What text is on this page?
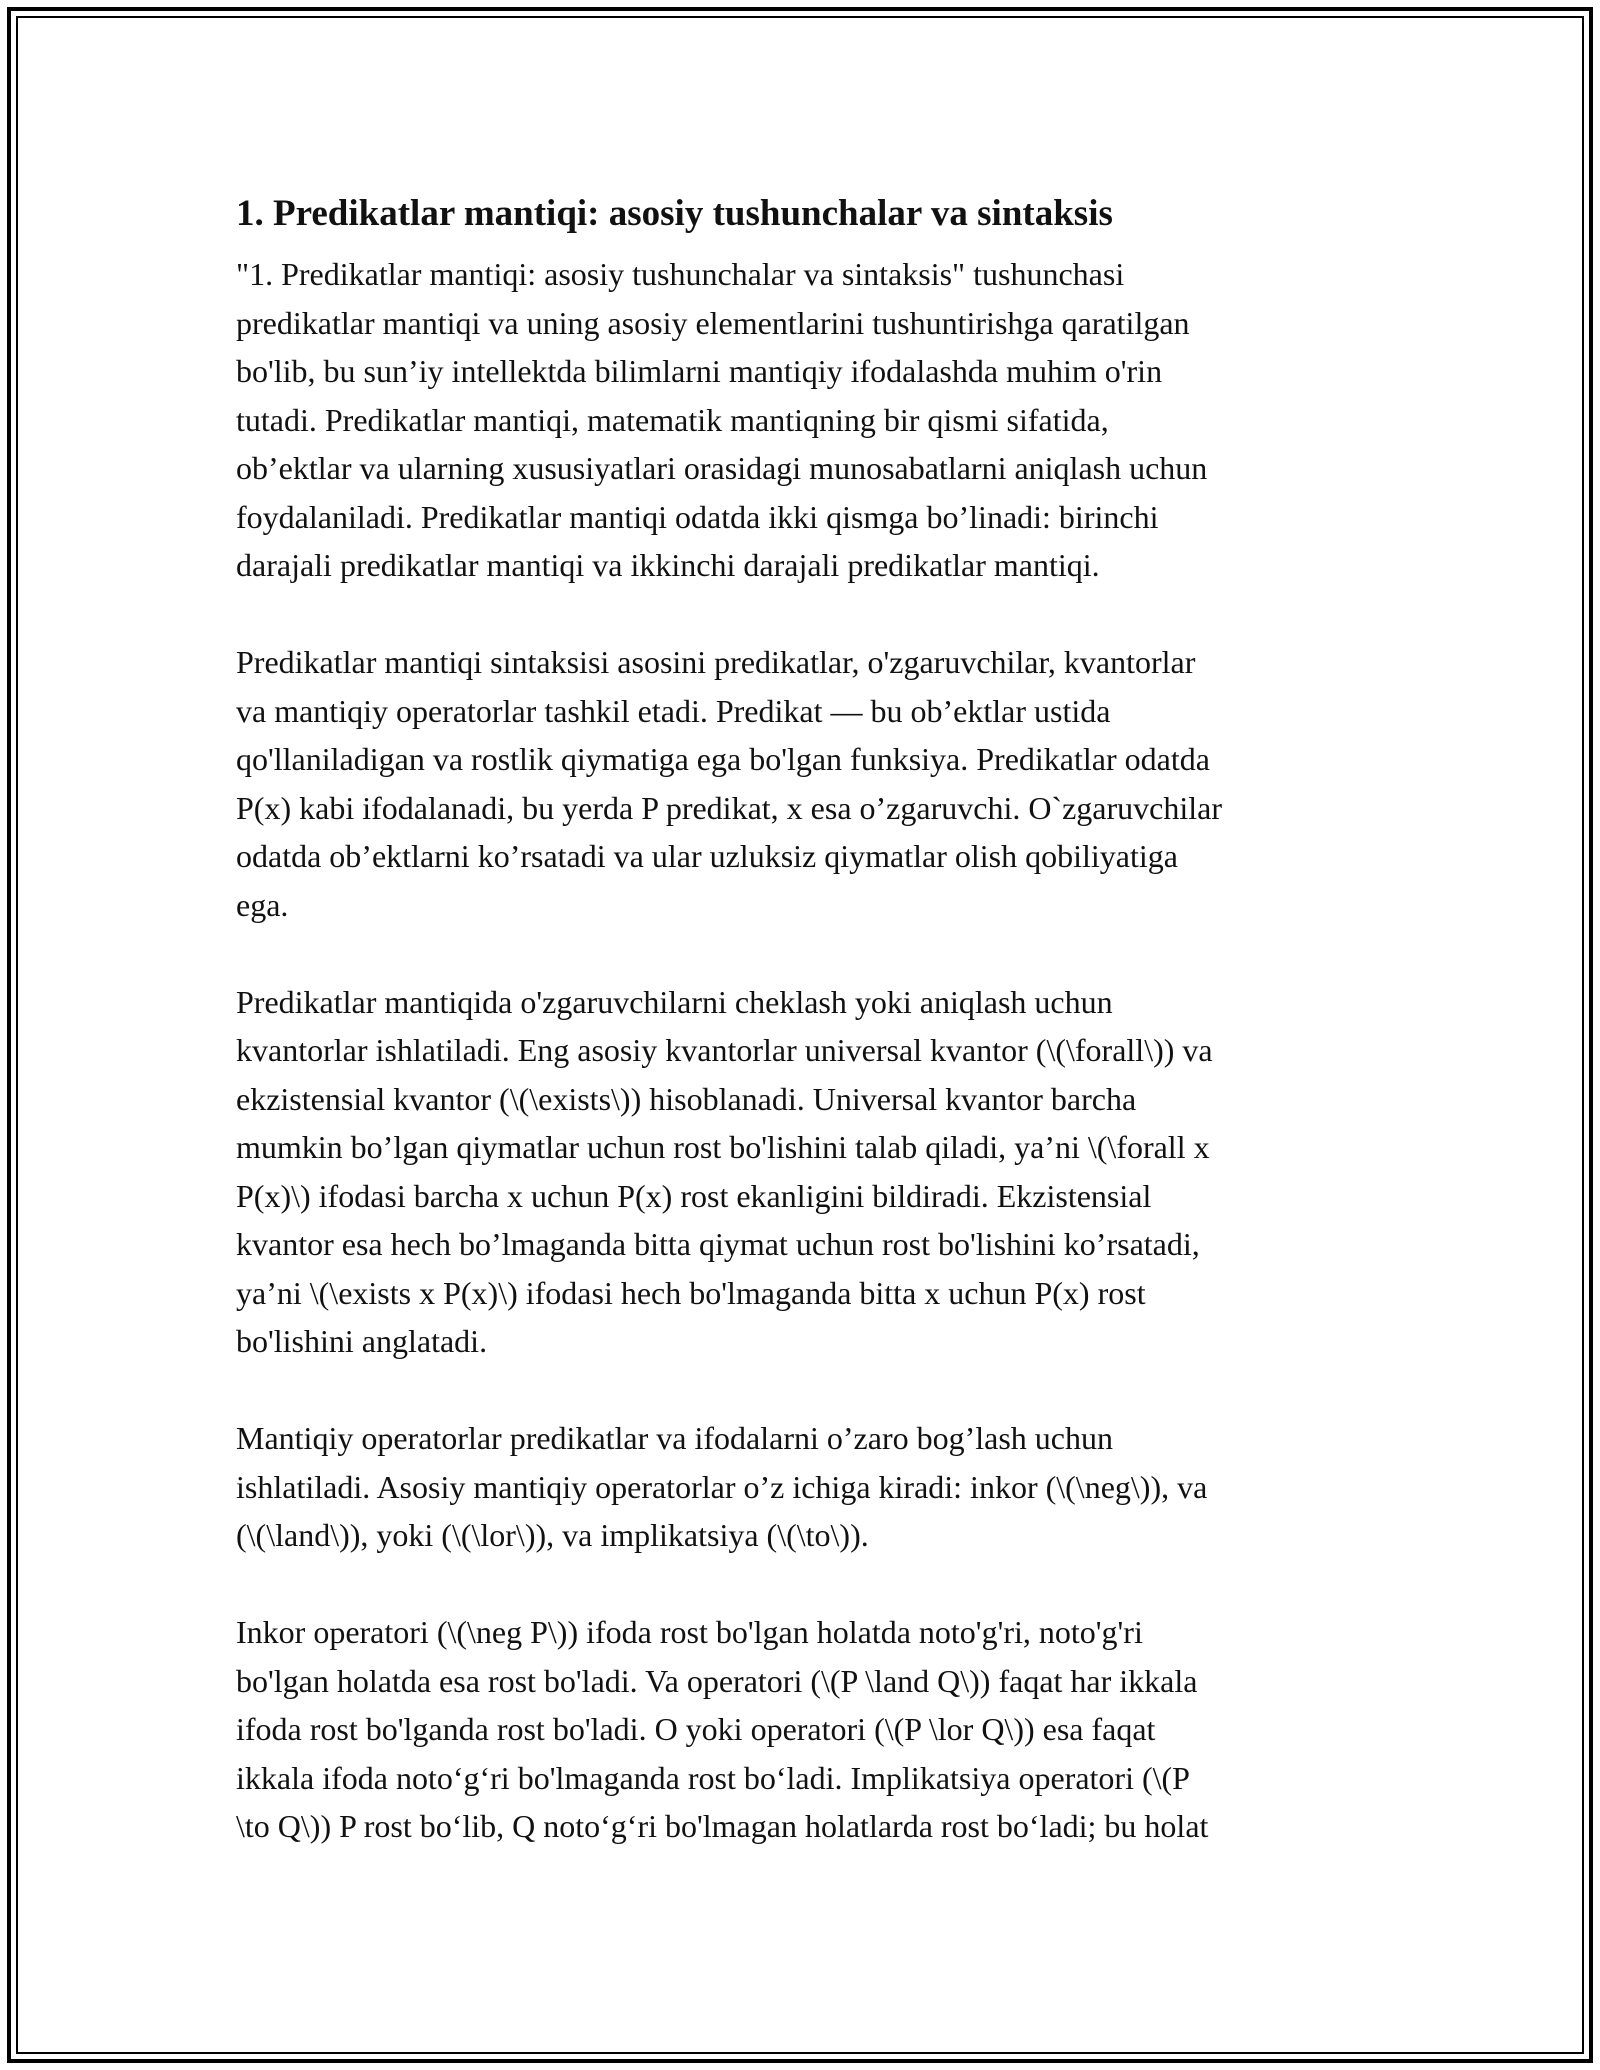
1. Predikatlar mantiqi: asosiy tushunchalar va sintaksis
"1. Predikatlar mantiqi: asosiy tushunchalar va sintaksis" tushunchasi
predikatlar mantiqi va uning asosiy elementlarini tushuntirishga qaratilgan
bo'lib, bu sun’iy intellektda bilimlarni mantiqiy ifodalashda muhim o'rin
tutadi. Predikatlar mantiqi, matematik mantiqning bir qismi sifatida,
ob’ektlar va ularning xususiyatlari orasidagi munosabatlarni aniqlash uchun
foydalaniladi. Predikatlar mantiqi odatda ikki qismga bo’linadi: birinchi
darajali predikatlar mantiqi va ikkinchi darajali predikatlar mantiqi.
Predikatlar mantiqi sintaksisi asosini predikatlar, o'zgaruvchilar, kvantorlar
va mantiqiy operatorlar tashkil etadi. Predikat — bu ob’ektlar ustida
qo'llaniladigan va rostlik qiymatiga ega bo'lgan funksiya. Predikatlar odatda
P(x) kabi ifodalanadi, bu yerda P predikat, x esa o’zgaruvchi. O`zgaruvchilar
odatda ob’ektlarni ko’rsatadi va ular uzluksiz qiymatlar olish qobiliyatiga
ega.
Predikatlar mantiqida o'zgaruvchilarni cheklash yoki aniqlash uchun
kvantorlar ishlatiladi. Eng asosiy kvantorlar universal kvantor (\(\forall\)) va
ekzistensial kvantor (\(\exists\)) hisoblanadi. Universal kvantor barcha
mumkin bo’lgan qiymatlar uchun rost bo'lishini talab qiladi, ya’ni \(\forall x
P(x)\) ifodasi barcha x uchun P(x) rost ekanligini bildiradi. Ekzistensial
kvantor esa hech bo’lmaganda bitta qiymat uchun rost bo'lishini ko’rsatadi,
ya’ni \(\exists x P(x)\) ifodasi hech bo'lmaganda bitta x uchun P(x) rost
bo'lishini anglatadi.
Mantiqiy operatorlar predikatlar va ifodalarni o’zaro bog’lash uchun
ishlatiladi. Asosiy mantiqiy operatorlar o’z ichiga kiradi: inkor (\(\neg\)), va
(\(\land\)), yoki (\(\lor\)), va implikatsiya (\(\to\)).
Inkor operatori (\(\neg P\)) ifoda rost bo'lgan holatda noto'g'ri, noto'g'ri
bo'lgan holatda esa rost bo'ladi. Va operatori (\(P \land Q\)) faqat har ikkala
ifoda rost bo'lganda rost bo'ladi. O yoki operatori (\(P \lor Q\)) esa faqat
ikkala ifoda noto‘g‘ri bo'lmaganda rost bo‘ladi. Implikatsiya operatori (\(P
\to Q\)) P rost bo‘lib, Q noto‘g‘ri bo'lmagan holatlarda rost bo‘ladi; bu holat
